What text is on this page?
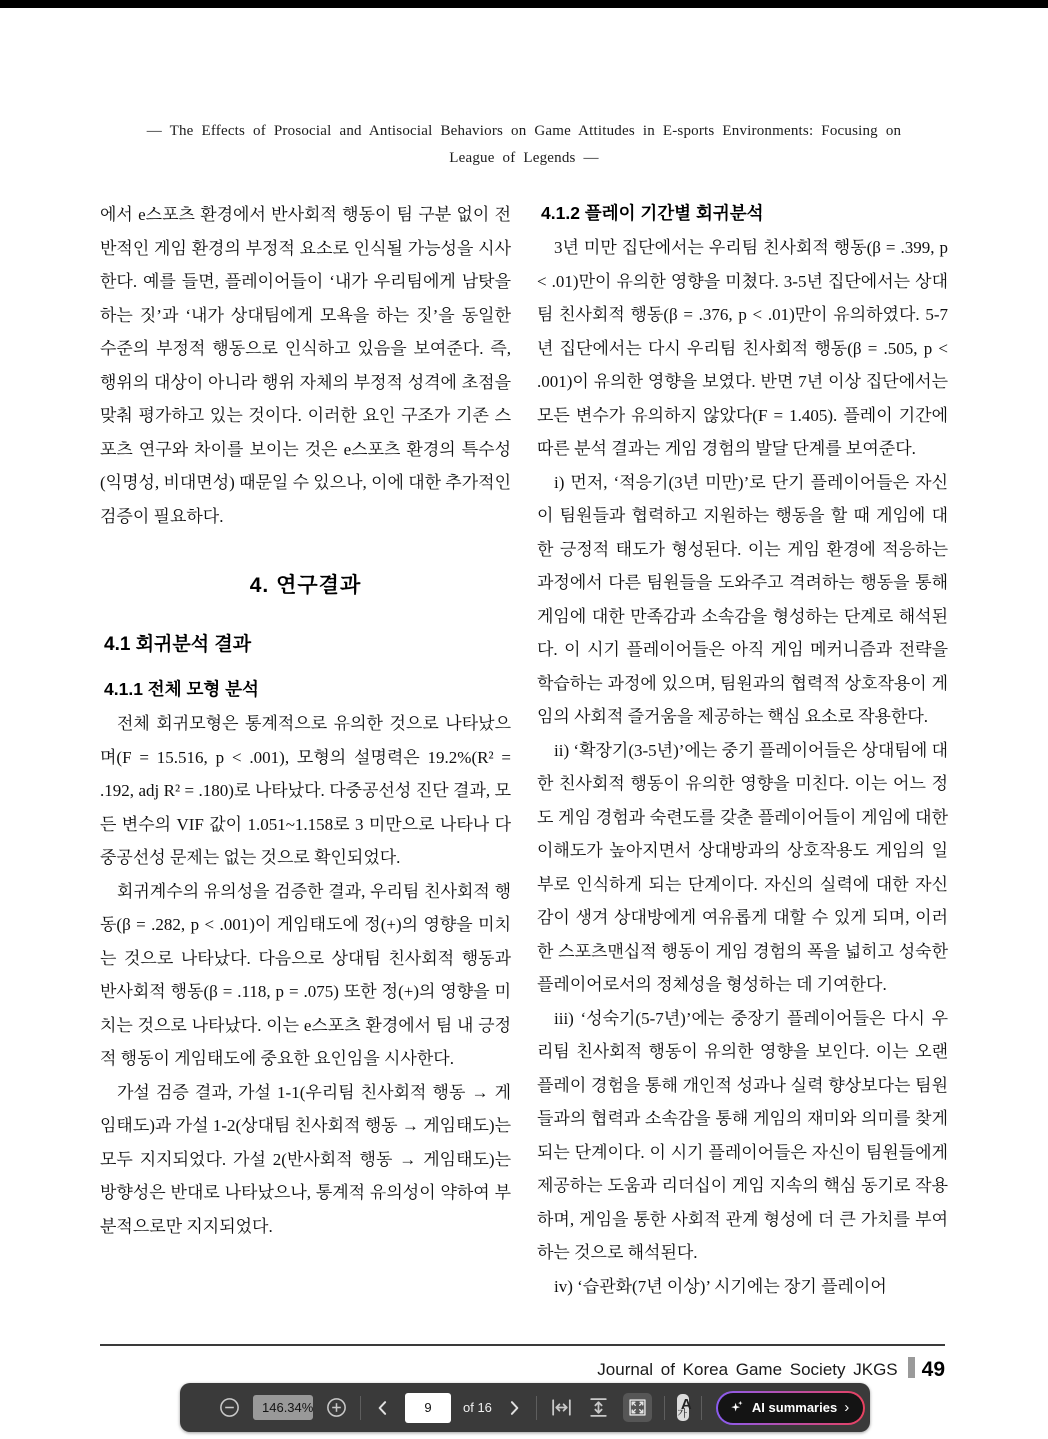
— The Effects of Prosocial and Antisocial Behaviors on Game Attitudes in E-sports Environments: Focusing on
League of Legends —

에서 e스포츠 환경에서 반사회적 행동이 팀 구분 없이 전반적인 게임 환경의 부정적 요소로 인식될 가능성을 시사한다. 예를 들면, 플레이어들이 ‘내가 우리팀에게 남탓을 하는 짓’과 ‘내가 상대팀에게 모욕을 하는 짓’을 동일한 수준의 부정적 행동으로 인식하고 있음을 보여준다. 즉, 행위의 대상이 아니라 행위 자체의 부정적 성격에 초점을 맞춰 평가하고 있는 것이다. 이러한 요인 구조가 기존 스포츠 연구와 차이를 보이는 것은 e스포츠 환경의 특수성(익명성, 비대면성) 때문일 수 있으나, 이에 대한 추가적인 검증이 필요하다.

4. 연구결과
4.1 회귀분석 결과
4.1.1 전체 모형 분석

전체 회귀모형은 통계적으로 유의한 것으로 나타났으며(F = 15.516, p < .001), 모형의 설명력은 19.2%(R² = .192, adj R² = .180)로 나타났다. 다중공선성 진단 결과, 모든 변수의 VIF 값이 1.051~1.158로 3 미만으로 나타나 다중공선성 문제는 없는 것으로 확인되었다.

회귀계수의 유의성을 검증한 결과, 우리팀 친사회적 행동(β = .282, p < .001)이 게임태도에 정(+)의 영향을 미치는 것으로 나타났다. 다음으로 상대팀 친사회적 행동과 반사회적 행동(β = .118, p = .075) 또한 정(+)의 영향을 미치는 것으로 나타났다. 이는 e스포츠 환경에서 팀 내 긍정적 행동이 게임태도에 중요한 요인임을 시사한다.

가설 검증 결과, 가설 1-1(우리팀 친사회적 행동 → 게임태도)과 가설 1-2(상대팀 친사회적 행동 → 게임태도)는 모두 지지되었다. 가설 2(반사회적 행동 → 게임태도)는 방향성은 반대로 나타났으나, 통계적 유의성이 약하여 부분적으로만 지지되었다.

4.1.2 플레이 기간별 회귀분석

3년 미만 집단에서는 우리팀 친사회적 행동(β = .399, p < .01)만이 유의한 영향을 미쳤다. 3-5년 집단에서는 상대팀 친사회적 행동(β = .376, p < .01)만이 유의하였다. 5-7년 집단에서는 다시 우리팀 친사회적 행동(β = .505, p < .001)이 유의한 영향을 보였다. 반면 7년 이상 집단에서는 모든 변수가 유의하지 않았다(F = 1.405). 플레이 기간에 따른 분석 결과는 게임 경험의 발달 단계를 보여준다.

i) 먼저, ‘적응기(3년 미만)’로 단기 플레이어들은 자신이 팀원들과 협력하고 지원하는 행동을 할 때 게임에 대한 긍정적 태도가 형성된다. 이는 게임 환경에 적응하는 과정에서 다른 팀원들을 도와주고 격려하는 행동을 통해 게임에 대한 만족감과 소속감을 형성하는 단계로 해석된다. 이 시기 플레이어들은 아직 게임 메커니즘과 전략을 학습하는 과정에 있으며, 팀원과의 협력적 상호작용이 게임의 사회적 즐거움을 제공하는 핵심 요소로 작용한다.

ii) ‘확장기(3-5년)’에는 중기 플레이어들은 상대팀에 대한 친사회적 행동이 유의한 영향을 미친다. 이는 어느 정도 게임 경험과 숙련도를 갖춘 플레이어들이 게임에 대한 이해도가 높아지면서 상대방과의 상호작용도 게임의 일부로 인식하게 되는 단계이다. 자신의 실력에 대한 자신감이 생겨 상대방에게 여유롭게 대할 수 있게 되며, 이러한 스포츠맨십적 행동이 게임 경험의 폭을 넓히고 성숙한 플레이어로서의 정체성을 형성하는 데 기여한다.

iii) ‘성숙기(5-7년)’에는 중장기 플레이어들은 다시 우리팀 친사회적 행동이 유의한 영향을 보인다. 이는 오랜 플레이 경험을 통해 개인적 성과나 실력 향상보다는 팀원들과의 협력과 소속감을 통해 게임의 재미와 의미를 찾게 되는 단계이다. 이 시기 플레이어들은 자신이 팀원들에게 제공하는 도움과 리더십이 게임 지속의 핵심 동기로 작용하며, 게임을 통한 사회적 관계 형성에 더 큰 가치를 부여하는 것으로 해석된다.

iv) ‘습관화(7년 이상)’ 시기에는 장기 플레이어

Journal of Korea Game Society JKGS 49
146.34%
9	of 16	A
가	AI summaries ›
